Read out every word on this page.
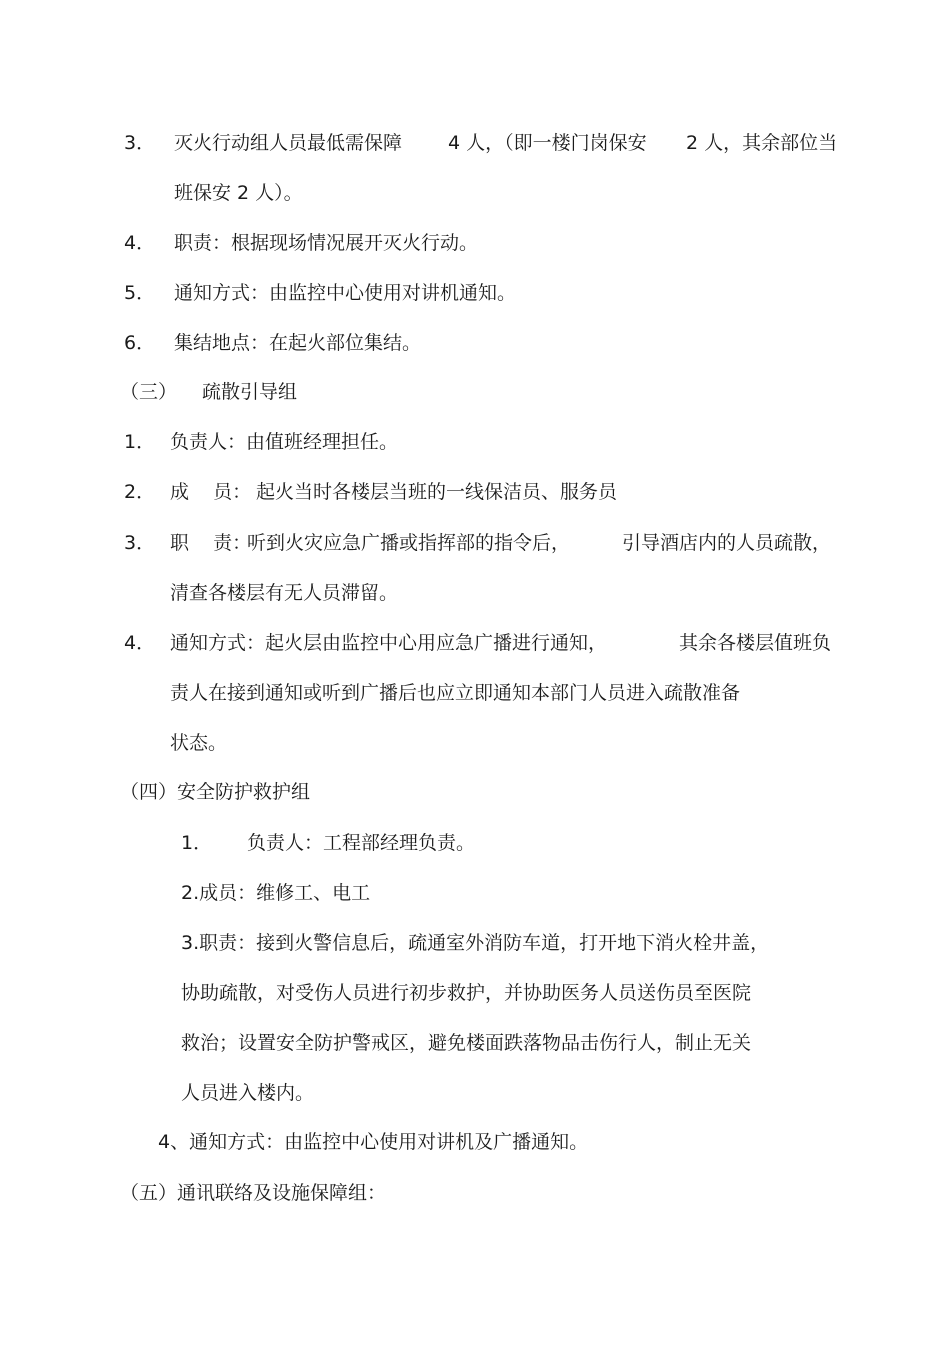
3． 灭火行动组人员最低需保障 4 人，（即一楼门岗保安 2 人，其余部位当

班保安 2 人）。

4． 职责：根据现场情况展开灭火行动。

5． 通知方式：由监控中心使用对讲机通知。

6． 集结地点：在起火部位集结。

（三） 疏散引导组

1． 负责人：由值班经理担任。

2． 成    员： 起火当时各楼层当班的一线保洁员、服务员

3． 职    责：

听到火灾应急广播或指挥部的指令后，	引导酒店内的人员疏散，

清查各楼层有无人员滞留。

4． 通知方式：起火层由监控中心用应急广播进行通知，	其余各楼层值班负

责人在接到通知或听到广播后也应立即通知本部门人员进入疏散准备

状态。

（四）安全防护救护组

1． 负责人：工程部经理负责。

2.成员：维修工、电工

3.职责：接到火警信息后，疏通室外消防车道，打开地下消火栓井盖，

协助疏散，对受伤人员进行初步救护，并协助医务人员送伤员至医院

救治；设置安全防护警戒区，避免楼面跌落物品击伤行人，制止无关

人员进入楼内。

4、通知方式：由监控中心使用对讲机及广播通知。

（五）通讯联络及设施保障组：
